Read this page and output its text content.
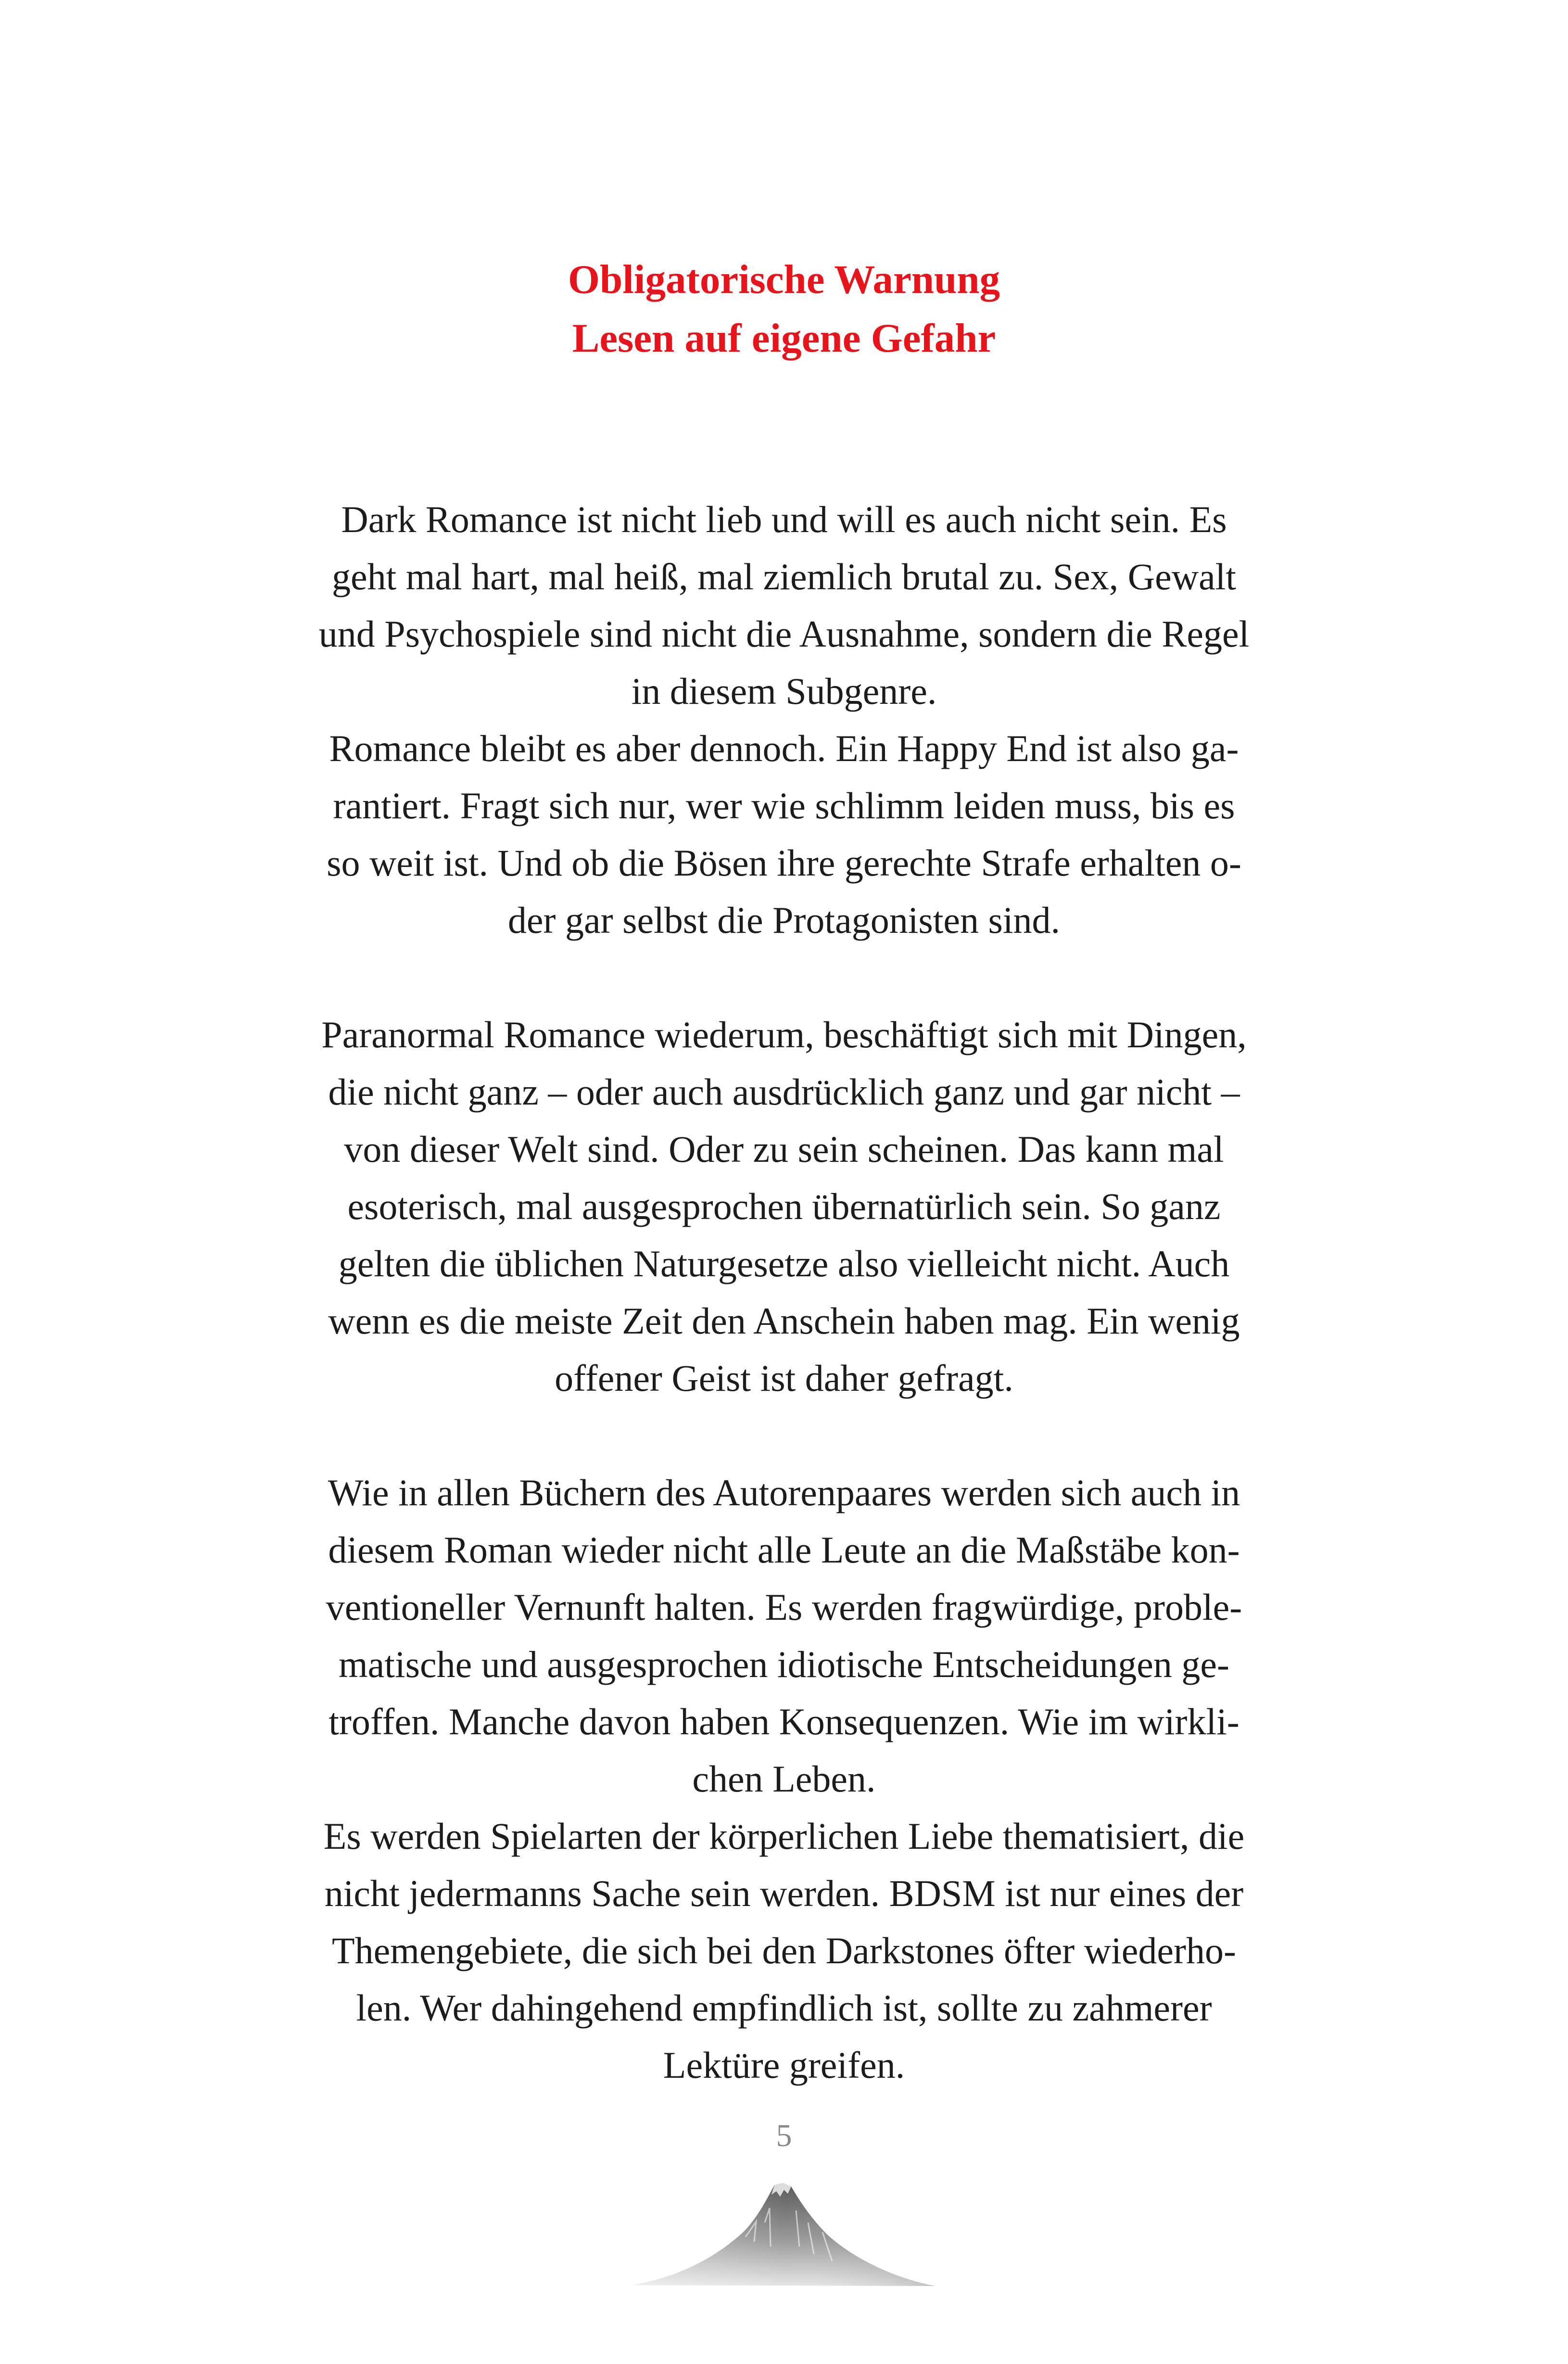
Obligatorische Warnung
Lesen auf eigene Gefahr
Dark Romance ist nicht lieb und will es auch nicht sein. Es
geht mal hart, mal heiß, mal ziemlich brutal zu. Sex, Gewalt
und Psychospiele sind nicht die Ausnahme, sondern die Regel
in diesem Subgenre.
Romance bleibt es aber dennoch. Ein Happy End ist also ga-
rantiert. Fragt sich nur, wer wie schlimm leiden muss, bis es
so weit ist. Und ob die Bösen ihre gerechte Strafe erhalten o-
der gar selbst die Protagonisten sind.
Paranormal Romance wiederum, beschäftigt sich mit Dingen,
die nicht ganz – oder auch ausdrücklich ganz und gar nicht –
von dieser Welt sind. Oder zu sein scheinen. Das kann mal
esoterisch, mal ausgesprochen übernatürlich sein. So ganz
gelten die üblichen Naturgesetze also vielleicht nicht. Auch
wenn es die meiste Zeit den Anschein haben mag. Ein wenig
offener Geist ist daher gefragt.
Wie in allen Büchern des Autorenpaares werden sich auch in
diesem Roman wieder nicht alle Leute an die Maßstäbe kon-
ventioneller Vernunft halten. Es werden fragwürdige, proble-
matische und ausgesprochen idiotische Entscheidungen ge-
troffen. Manche davon haben Konsequenzen. Wie im wirkli-
chen Leben.
Es werden Spielarten der körperlichen Liebe thematisiert, die
nicht jedermanns Sache sein werden. BDSM ist nur eines der
Themengebiete, die sich bei den Darkstones öfter wiederho-
len. Wer dahingehend empfindlich ist, sollte zu zahmerer
Lektüre greifen.
5
